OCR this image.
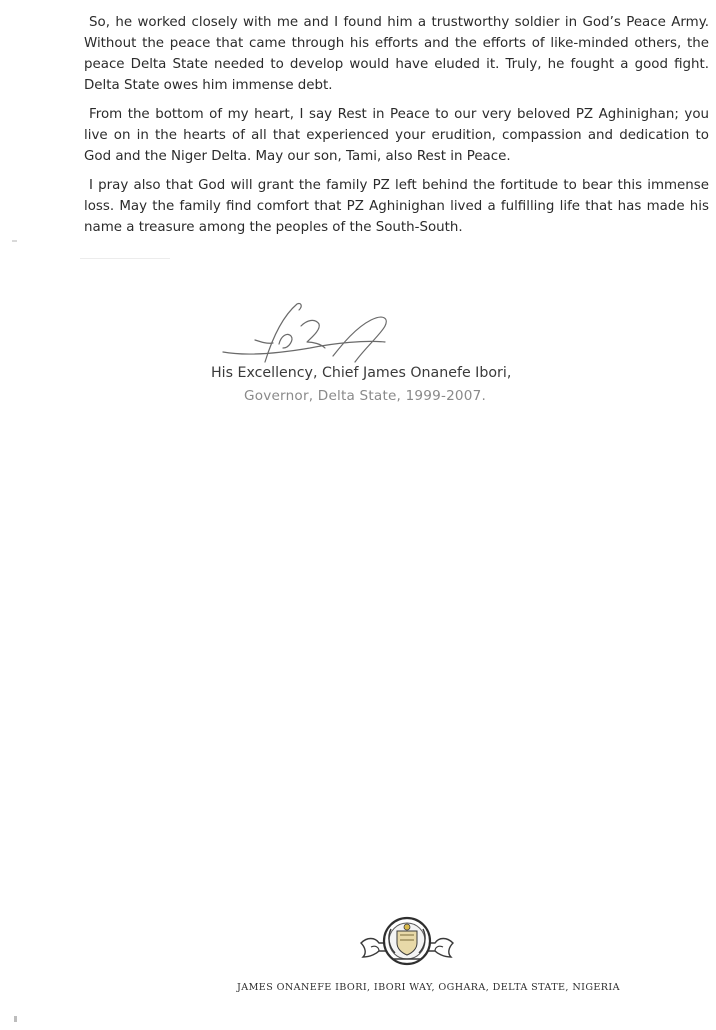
So, he worked closely with me and I found him a trustworthy soldier in God’s Peace Army. Without the peace that came through his efforts and the efforts of like-minded others, the peace Delta State needed to develop would have eluded it. Truly, he fought a good fight. Delta State owes him immense debt.

From the bottom of my heart, I say Rest in Peace to our very beloved PZ Aghinighan; you live on in the hearts of all that experienced your erudition, compassion and dedication to God and the Niger Delta. May our son, Tami, also Rest in Peace.

I pray also that God will grant the family PZ left behind the fortitude to bear this immense loss. May the family find comfort that PZ Aghinighan lived a fulfilling life that has made his name a treasure among the peoples of the South-South.

His Excellency, Chief James Onanefe Ibori,
Governor, Delta State, 1999-2007.
JAMES ONANEFE IBORI, IBORI WAY, OGHARA, DELTA STATE, NIGERIA
